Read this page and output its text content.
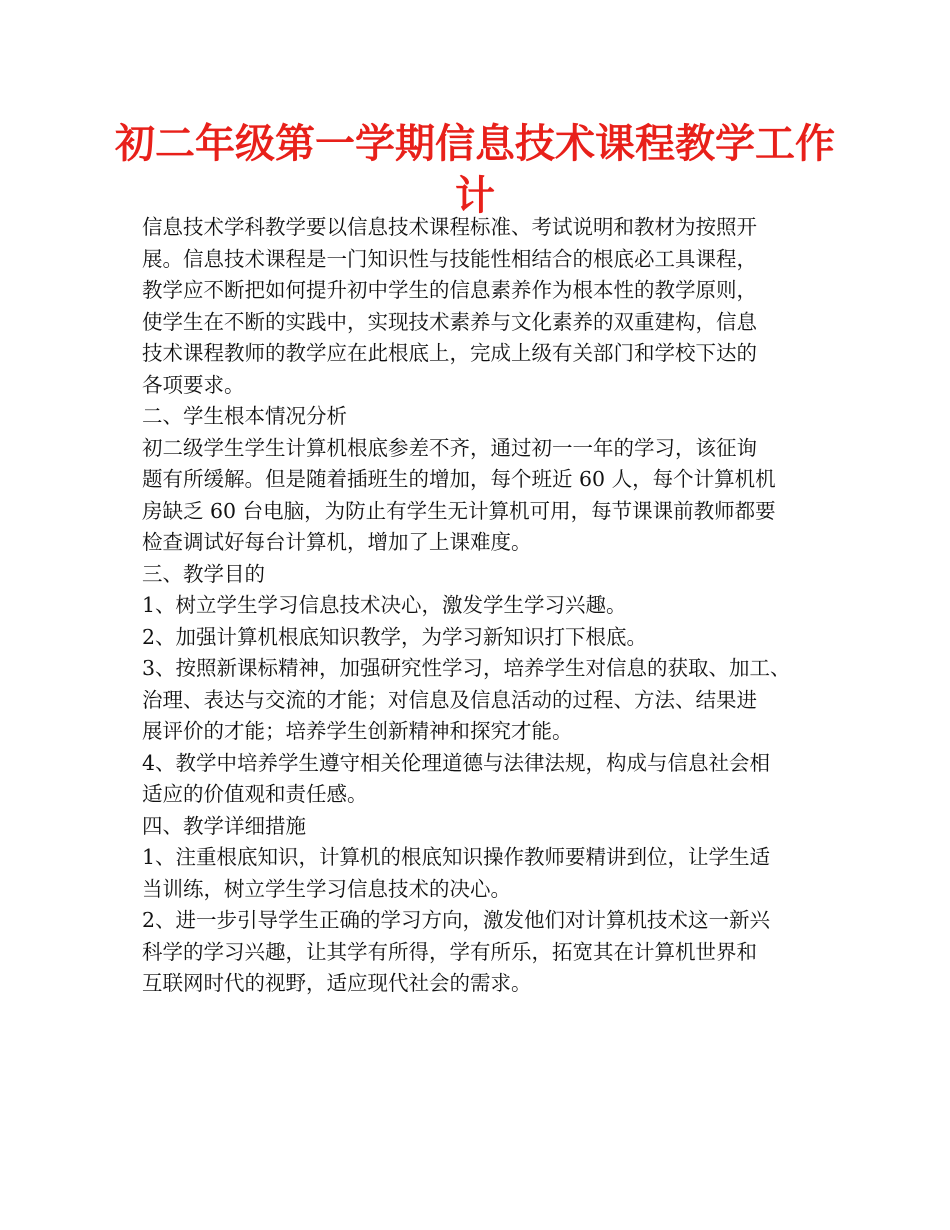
初二年级第一学期信息技术课程教学工作
计
信息技术学科教学要以信息技术课程标准、考试说明和教材为按照开
展。信息技术课程是一门知识性与技能性相结合的根底必工具课程，
教学应不断把如何提升初中学生的信息素养作为根本性的教学原则，
使学生在不断的实践中，实现技术素养与文化素养的双重建构，信息
技术课程教师的教学应在此根底上，完成上级有关部门和学校下达的
各项要求。
二、学生根本情况分析
初二级学生学生计算机根底参差不齐，通过初一一年的学习，该征询
题有所缓解。但是随着插班生的增加，每个班近 60 人，每个计算机机
房缺乏 60 台电脑，为防止有学生无计算机可用，每节课课前教师都要
检查调试好每台计算机，增加了上课难度。
三、教学目的
1、树立学生学习信息技术决心，激发学生学习兴趣。
2、加强计算机根底知识教学，为学习新知识打下根底。
3、按照新课标精神，加强研究性学习，培养学生对信息的获取、加工、
治理、表达与交流的才能；对信息及信息活动的过程、方法、结果进
展评价的才能；培养学生创新精神和探究才能。
4、教学中培养学生遵守相关伦理道德与法律法规，构成与信息社会相
适应的价值观和责任感。
四、教学详细措施
1、注重根底知识，计算机的根底知识操作教师要精讲到位，让学生适
当训练，树立学生学习信息技术的决心。
2、进一步引导学生正确的学习方向，激发他们对计算机技术这一新兴
科学的学习兴趣，让其学有所得，学有所乐，拓宽其在计算机世界和
互联网时代的视野，适应现代社会的需求。
